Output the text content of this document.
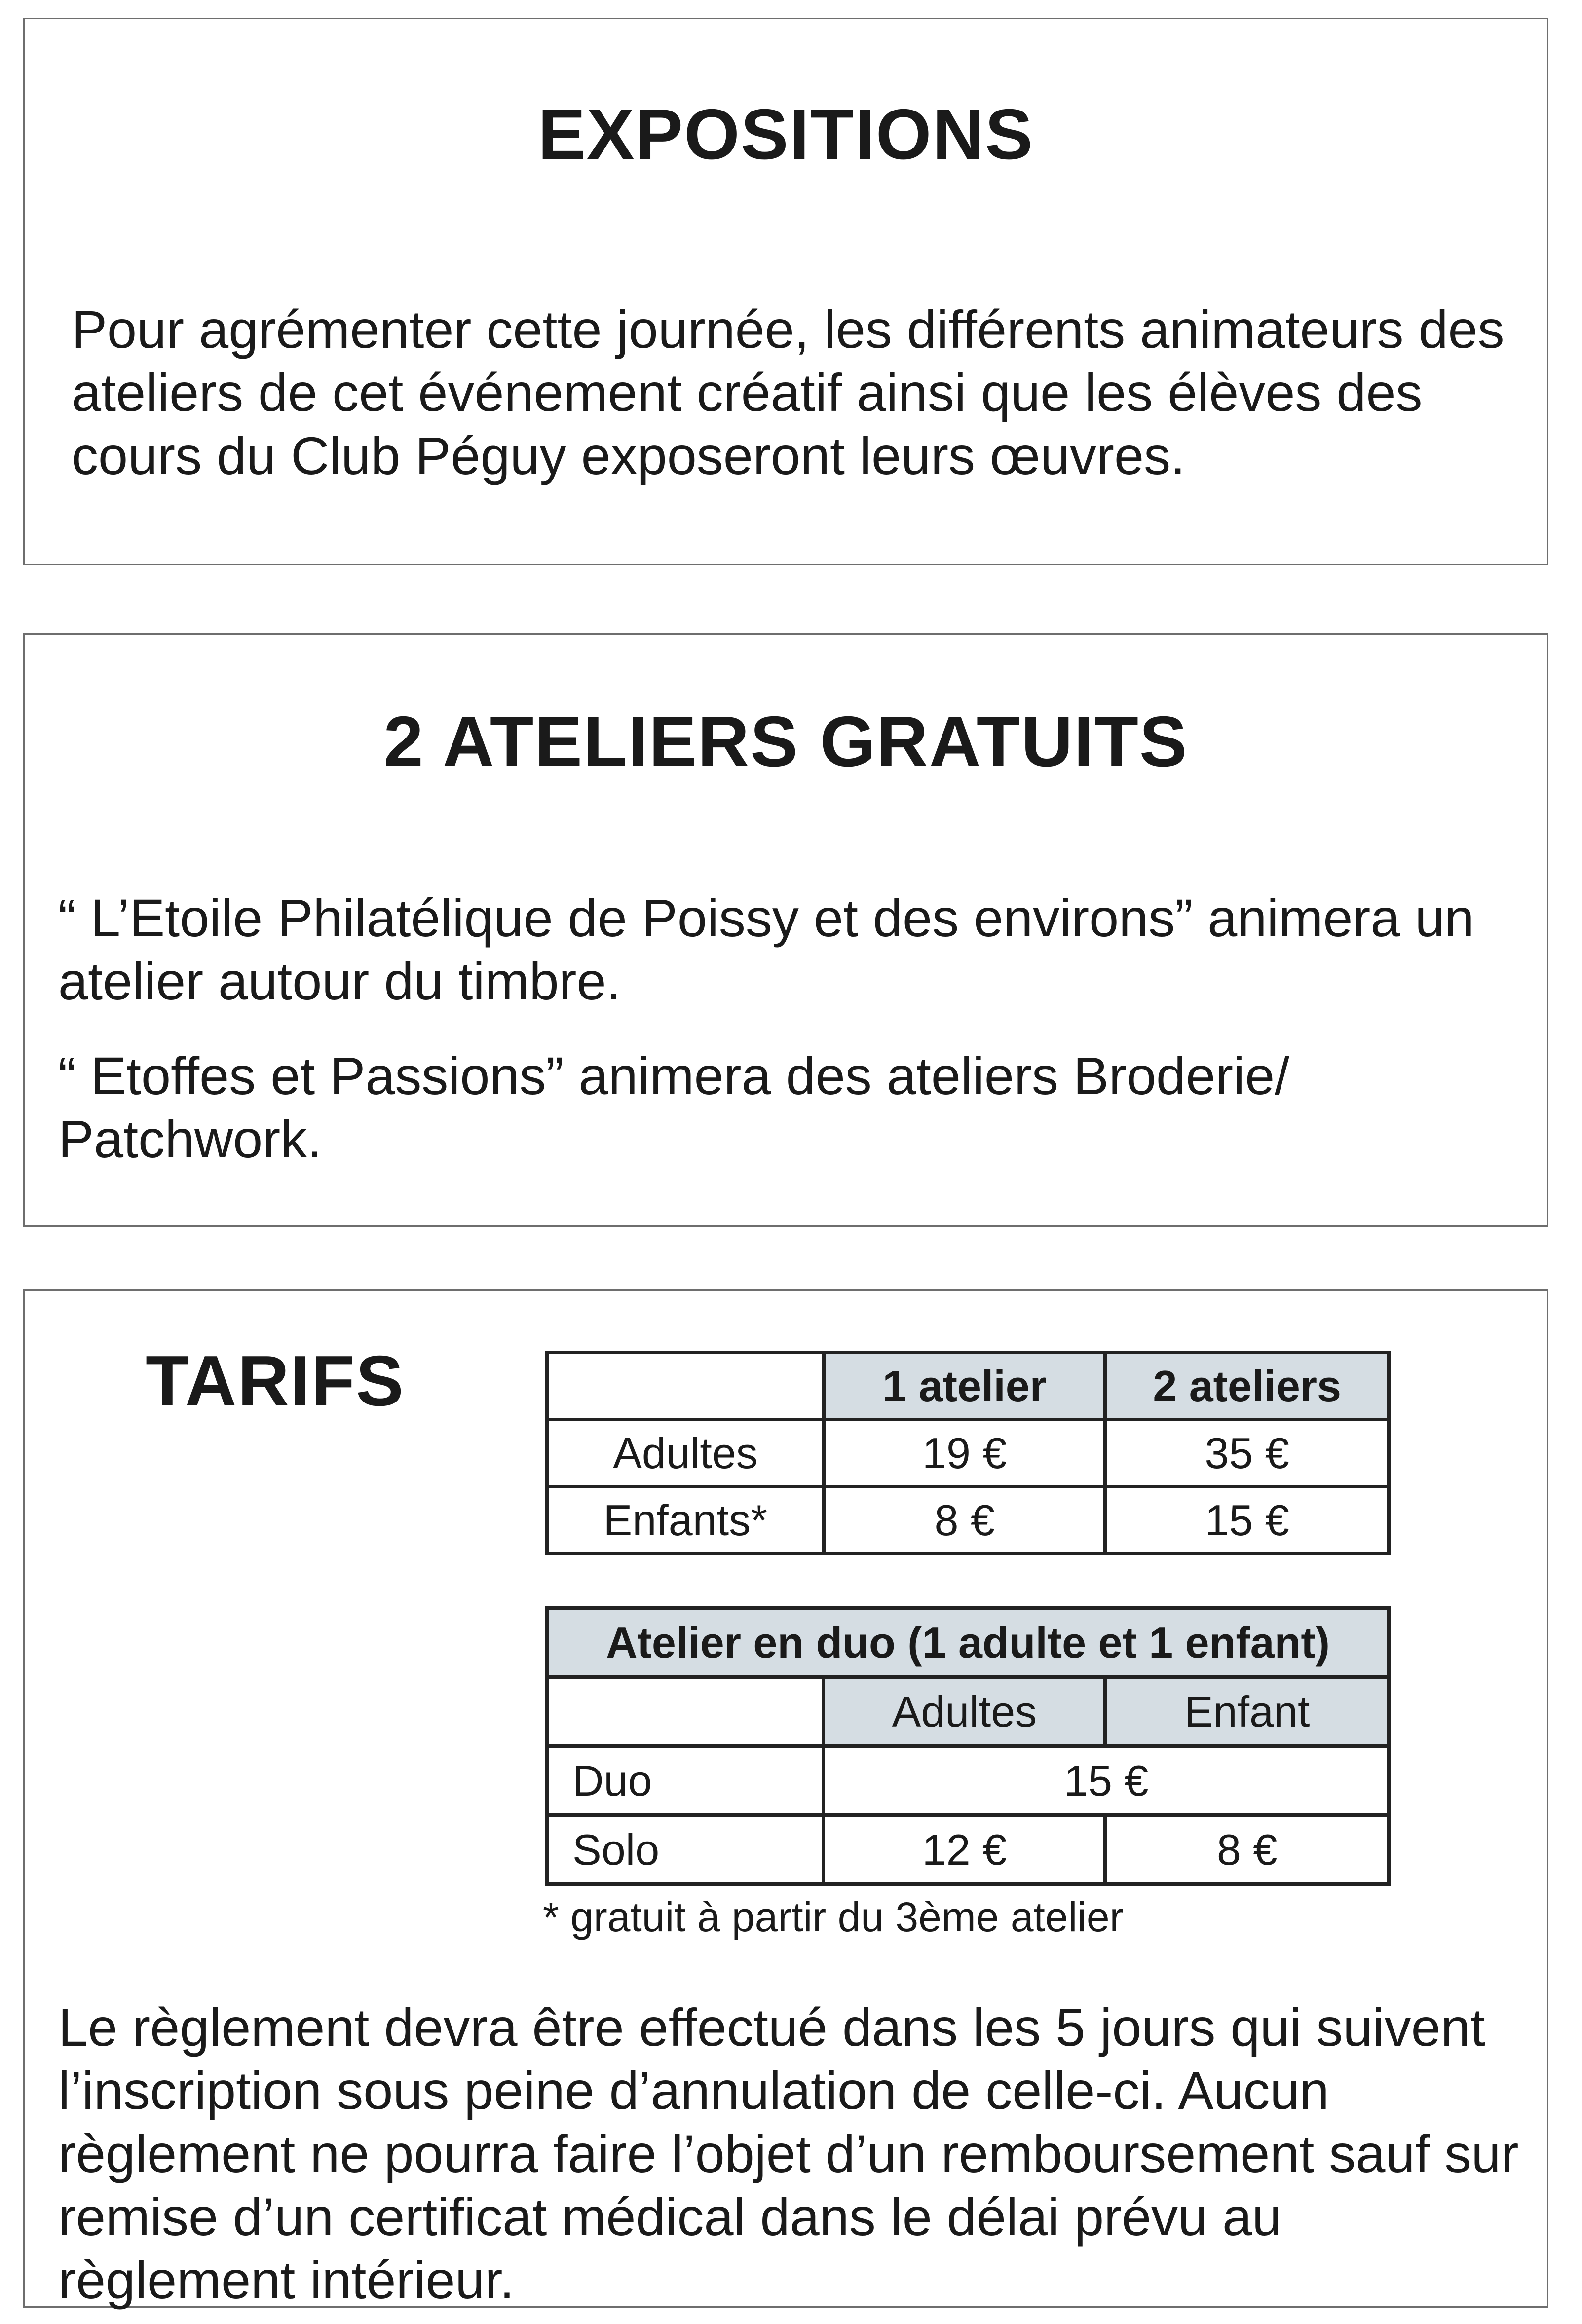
EXPOSITIONS
Pour agrémenter cette journée, les différents animateurs des ateliers de cet événement créatif ainsi que les élèves des cours du Club Péguy exposeront leurs œuvres.
2 ATELIERS GRATUITS
“ L’Etoile Philatélique de Poissy et des environs” animera un atelier autour du timbre.
“ Etoffes et Passions” animera des ateliers Broderie/ Patchwork.
TARIFS
		1 atelier	2 ateliers
Adultes	19 €	35 €
Enfants*	8 €	15 €
Atelier en duo (1 adulte et 1 enfant)		
	Adultes	Enfant
Duo	15 €	
Solo	12 €	8 €
* gratuit à partir du 3ème atelier
Le règlement devra être effectué dans les 5 jours qui suivent l’inscription sous peine d’annulation de celle-ci. Aucun règlement ne pourra faire l’objet d’un remboursement sauf sur remise d’un certificat médical dans le délai prévu au règlement intérieur.
